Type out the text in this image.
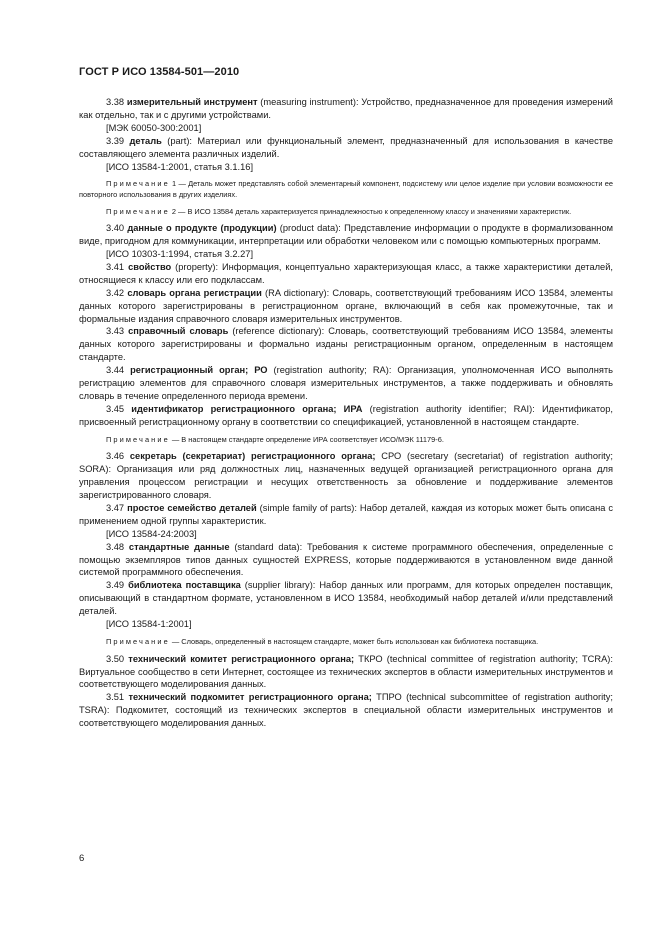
ГОСТ Р ИСО 13584-501—2010

3.38 измерительный инструмент (measuring instrument): Устройство, предназначенное для проведения измерений как отдельно, так и с другими устройствами.

[МЭК 60050-300:2001]

3.39 деталь (part): Материал или функциональный элемент, предназначенный для использования в качестве составляющего элемента различных изделий.

[ИСО 13584-1:2001, статья 3.1.16]

Примечание 1 — Деталь может представлять собой элементарный компонент, подсистему или целое изделие при условии возможности ее повторного использования в других изделиях.

Примечание 2 — В ИСО 13584 деталь характеризуется принадлежностью к определенному классу и значениями характеристик.

3.40 данные о продукте (продукции) (product data): Представление информации о продукте в формализованном виде, пригодном для коммуникации, интерпретации или обработки человеком или с помощью компьютерных программ.

[ИСО 10303-1:1994, статья 3.2.27]

3.41 свойство (property): Информация, концептуально характеризующая класс, а также характеристики деталей, относящиеся к классу или его подклассам.

3.42 словарь органа регистрации (RA dictionary): Словарь, соответствующий требованиям ИСО 13584, элементы данных которого зарегистрированы в регистрационном органе, включающий в себя как промежуточные, так и формальные издания справочного словаря измерительных инструментов.

3.43 справочный словарь (reference dictionary): Словарь, соответствующий требованиям ИСО 13584, элементы данных которого зарегистрированы и формально изданы регистрационным органом, определенным в настоящем стандарте.

3.44 регистрационный орган; РО (registration authority; RA): Организация, уполномоченная ИСО выполнять регистрацию элементов для справочного словаря измерительных инструментов, а также поддерживать и обновлять словарь в течение определенного периода времени.

3.45 идентификатор регистрационного органа; ИРА (registration authority identifier; RAI): Идентификатор, присвоенный регистрационному органу в соответствии со спецификацией, установленной в настоящем стандарте.

Примечание — В настоящем стандарте определение ИРА соответствует ИСО/МЭК 11179-6.

3.46 секретарь (секретариат) регистрационного органа; СРО (secretary (secretariat) of registration authority; SORA): Организация или ряд должностных лиц, назначенных ведущей организацией регистрационного органа для управления процессом регистрации и несущих ответственность за обновление и поддерживание элементов зарегистрированного словаря.

3.47 простое семейство деталей (simple family of parts): Набор деталей, каждая из которых может быть описана с применением одной группы характеристик.

[ИСО 13584-24:2003]

3.48 стандартные данные (standard data): Требования к системе программного обеспечения, определенные с помощью экземпляров типов данных сущностей EXPRESS, которые поддерживаются в установленном виде данной системой программного обеспечения.

3.49 библиотека поставщика (supplier library): Набор данных или программ, для которых определен поставщик, описывающий в стандартном формате, установленном в ИСО 13584, необходимый набор деталей и/или представлений деталей.

[ИСО 13584-1:2001]

Примечание — Словарь, определенный в настоящем стандарте, может быть использован как библиотека поставщика.

3.50 технический комитет регистрационного органа; ТКРО (technical committee of registration authority; TCRA): Виртуальное сообщество в сети Интернет, состоящее из технических экспертов в области измерительных инструментов и соответствующего моделирования данных.

3.51 технический подкомитет регистрационного органа; ТПРО (technical subcommittee of registration authority; TSRA): Подкомитет, состоящий из технических экспертов в специальной области измерительных инструментов и соответствующего моделирования данных.

6
